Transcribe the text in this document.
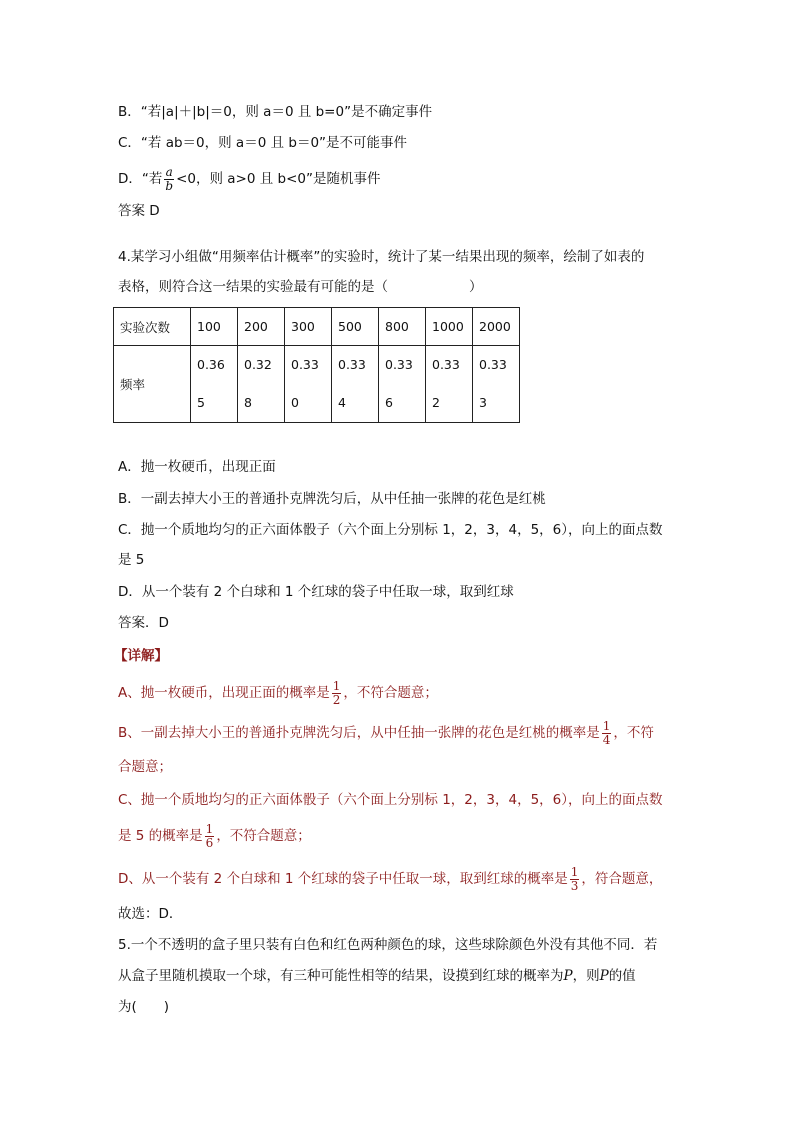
B．“若|a|＋|b|＝0，则 a＝0 且 b=0”是不确定事件
C．“若 ab＝0，则 a＝0 且 b＝0”是不可能事件
D．“若 $\frac{a}{b} <0$，则 a>0 且 b<0”是随机事件
答案 D
4.某学习小组做“用频率估计概率”的实验时，统计了某一结果出现的频率，绘制了如表的
表格，则符合这一结果的实验最有可能的是（　　　　　　）
实验次数	100	200	300	500	800	1000	2000
频率	0.365	0.328	0.330	0.334	0.336	0.332	0.333
A．抛一枚硬币，出现正面
B．一副去掉大小王的普通扑克牌洗匀后，从中任抽一张牌的花色是红桃
C．抛一个质地均匀的正六面体骰子（六个面上分别标 1，2，3，4，5，6），向上的面点数
是 5
D．从一个装有 2 个白球和 1 个红球的袋子中任取一球，取到红球
答案．D
【详解】
A、抛一枚硬币，出现正面的概率是 $\frac{1}{2}$ ，不符合题意；
B、一副去掉大小王的普通扑克牌洗匀后，从中任抽一张牌的花色是红桃的概率是 $\frac{1}{4}$ ，不符
合题意；
C、抛一个质地均匀的正六面体骰子（六个面上分别标 1，2，3，4，5，6），向上的面点数
是 5 的概率是 $\frac{1}{6}$ ，不符合题意；
D、从一个装有 2 个白球和 1 个红球的袋子中任取一球，取到红球的概率是 $\frac{1}{3}$ ，符合题意，
故选：D．
5.一个不透明的盒子里只装有白色和红色两种颜色的球，这些球除颜色外没有其他不同．若
从盒子里随机摸取一个球，有三种可能性相等的结果，设摸到红球的概率为P，则P的值
为(　　)
